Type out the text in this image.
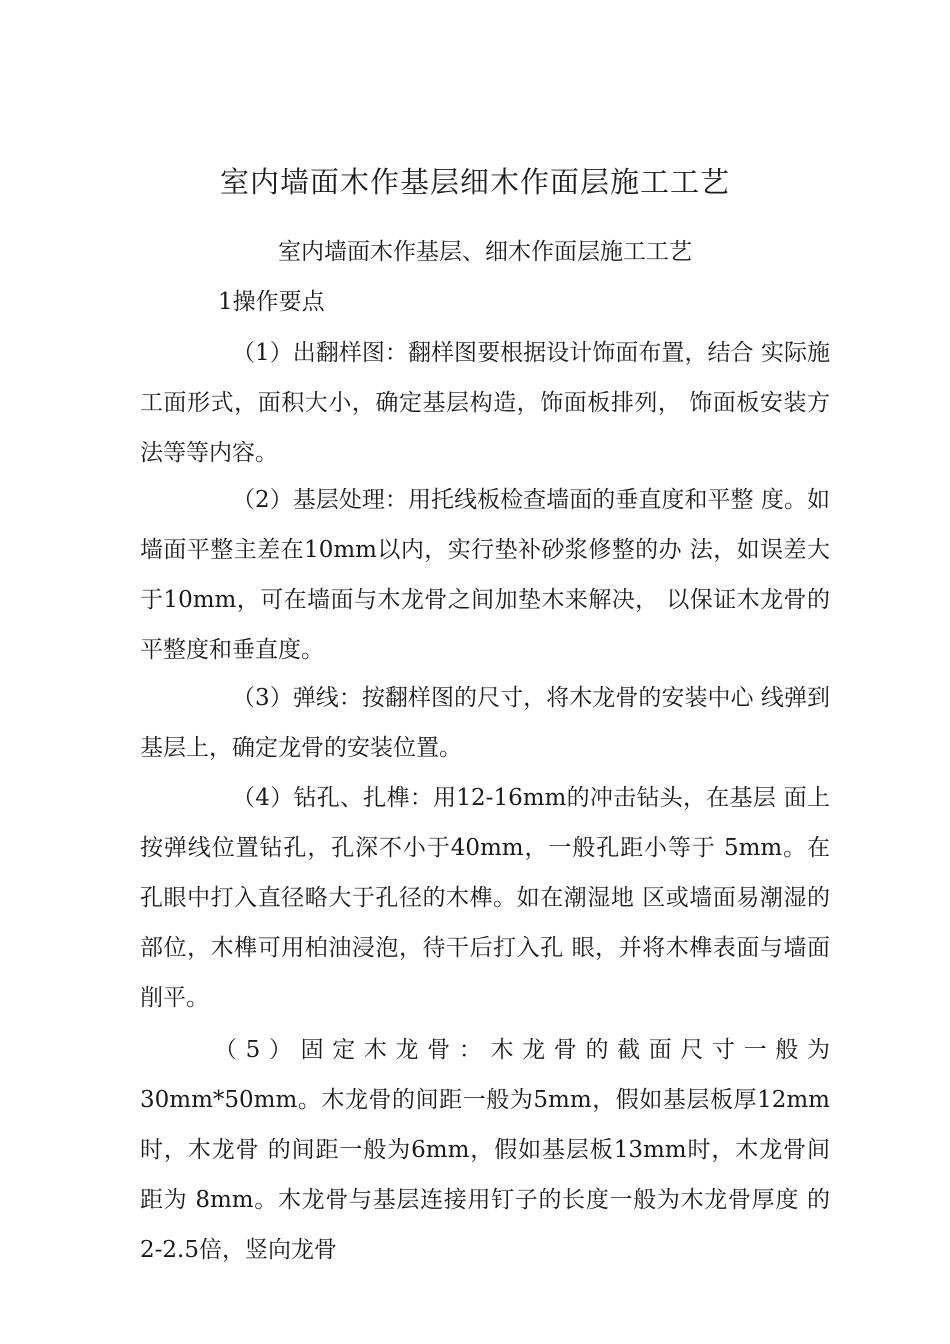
室内墙面木作基层细木作面层施工工艺
室内墙面木作基层、细木作面层施工工艺
1操作要点
（1）出翻样图：翻样图要根据设计饰面布置，结合 实际施工面形式，面积大小，确定基层构造，饰面板排列， 饰面板安装方法等等内容。
（2）基层处理：用托线板检查墙面的垂直度和平整 度。如墙面平整主差在10mm以内，实行垫补砂浆修整的办 法，如误差大于10mm，可在墙面与木龙骨之间加垫木来解决， 以保证木龙骨的平整度和垂直度。
（3）弹线：按翻样图的尺寸，将木龙骨的安装中心 线弹到基层上，确定龙骨的安装位置。
（4）钻孔、扎榫：用12-16mm的冲击钻头，在基层 面上按弹线位置钻孔，孔深不小于40mm，一般孔距小等于 5mm。在孔眼中打入直径略大于孔径的木榫。如在潮湿地 区或墙面易潮湿的部位，木榫可用柏油浸泡，待干后打入孔 眼，并将木榫表面与墙面削平。
（5）固定木龙骨：木龙骨的截面尺寸一般为30mm*50mm。木龙骨的间距一般为5mm，假如基层板厚12mm时，木龙骨 的间距一般为6mm，假如基层板13mm时，木龙骨间距为 8mm。木龙骨与基层连接用钉子的长度一般为木龙骨厚度 的2-2.5倍，竖向龙骨
